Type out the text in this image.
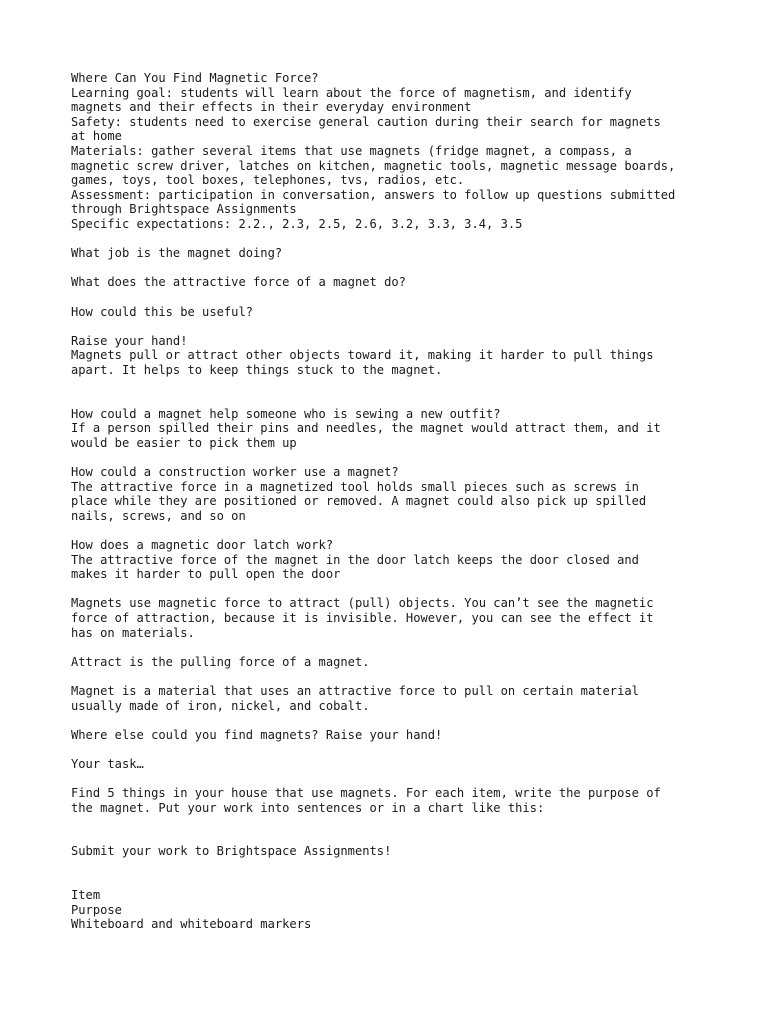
Where Can You Find Magnetic Force?
Learning goal: students will learn about the force of magnetism, and identify
magnets and their effects in their everyday environment
Safety: students need to exercise general caution during their search for magnets
at home
Materials: gather several items that use magnets (fridge magnet, a compass, a
magnetic screw driver, latches on kitchen, magnetic tools, magnetic message boards,
games, toys, tool boxes, telephones, tvs, radios, etc.
Assessment: participation in conversation, answers to follow up questions submitted
through Brightspace Assignments
Specific expectations: 2.2., 2.3, 2.5, 2.6, 3.2, 3.3, 3.4, 3.5
What job is the magnet doing?
What does the attractive force of a magnet do?
How could this be useful?
Raise your hand!
Magnets pull or attract other objects toward it, making it harder to pull things
apart. It helps to keep things stuck to the magnet.
How could a magnet help someone who is sewing a new outfit?
If a person spilled their pins and needles, the magnet would attract them, and it
would be easier to pick them up
How could a construction worker use a magnet?
The attractive force in a magnetized tool holds small pieces such as screws in
place while they are positioned or removed. A magnet could also pick up spilled
nails, screws, and so on
How does a magnetic door latch work?
The attractive force of the magnet in the door latch keeps the door closed and
makes it harder to pull open the door
Magnets use magnetic force to attract (pull) objects. You can’t see the magnetic
force of attraction, because it is invisible. However, you can see the effect it
has on materials.
Attract is the pulling force of a magnet.
Magnet is a material that uses an attractive force to pull on certain material
usually made of iron, nickel, and cobalt.
Where else could you find magnets? Raise your hand!
Your task…
Find 5 things in your house that use magnets. For each item, write the purpose of
the magnet. Put your work into sentences or in a chart like this:
Submit your work to Brightspace Assignments!
Item
Purpose
Whiteboard and whiteboard markers
